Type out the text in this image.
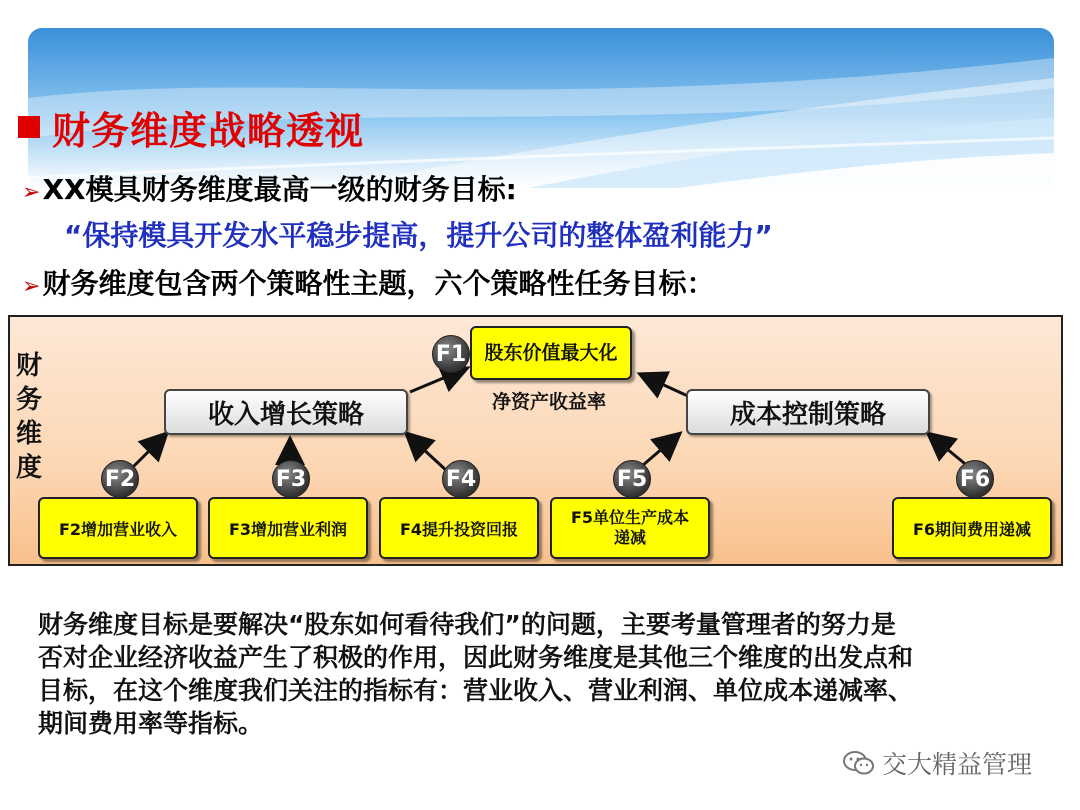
财务维度战略透视
➢XX模具财务维度最高一级的财务目标:
“保持模具开发水平稳步提高，提升公司的整体盈利能力”
➢财务维度包含两个策略性主题，六个策略性任务目标：
财务维度
F1 股东价值最大化
净资产收益率
收入增长策略	成本控制策略
F2	F3	F4	F5	F6
F2增加营业收入	F3增加营业利润	F4提升投资回报
F5单位生产成本递减	F6期间费用递减
财务维度目标是要解决“股东如何看待我们”的问题，主要考量管理者的努力是
否对企业经济收益产生了积极的作用，因此财务维度是其他三个维度的出发点和
目标，在这个维度我们关注的指标有：营业收入、营业利润、单位成本递减率、
期间费用率等指标。
交大精益管理
